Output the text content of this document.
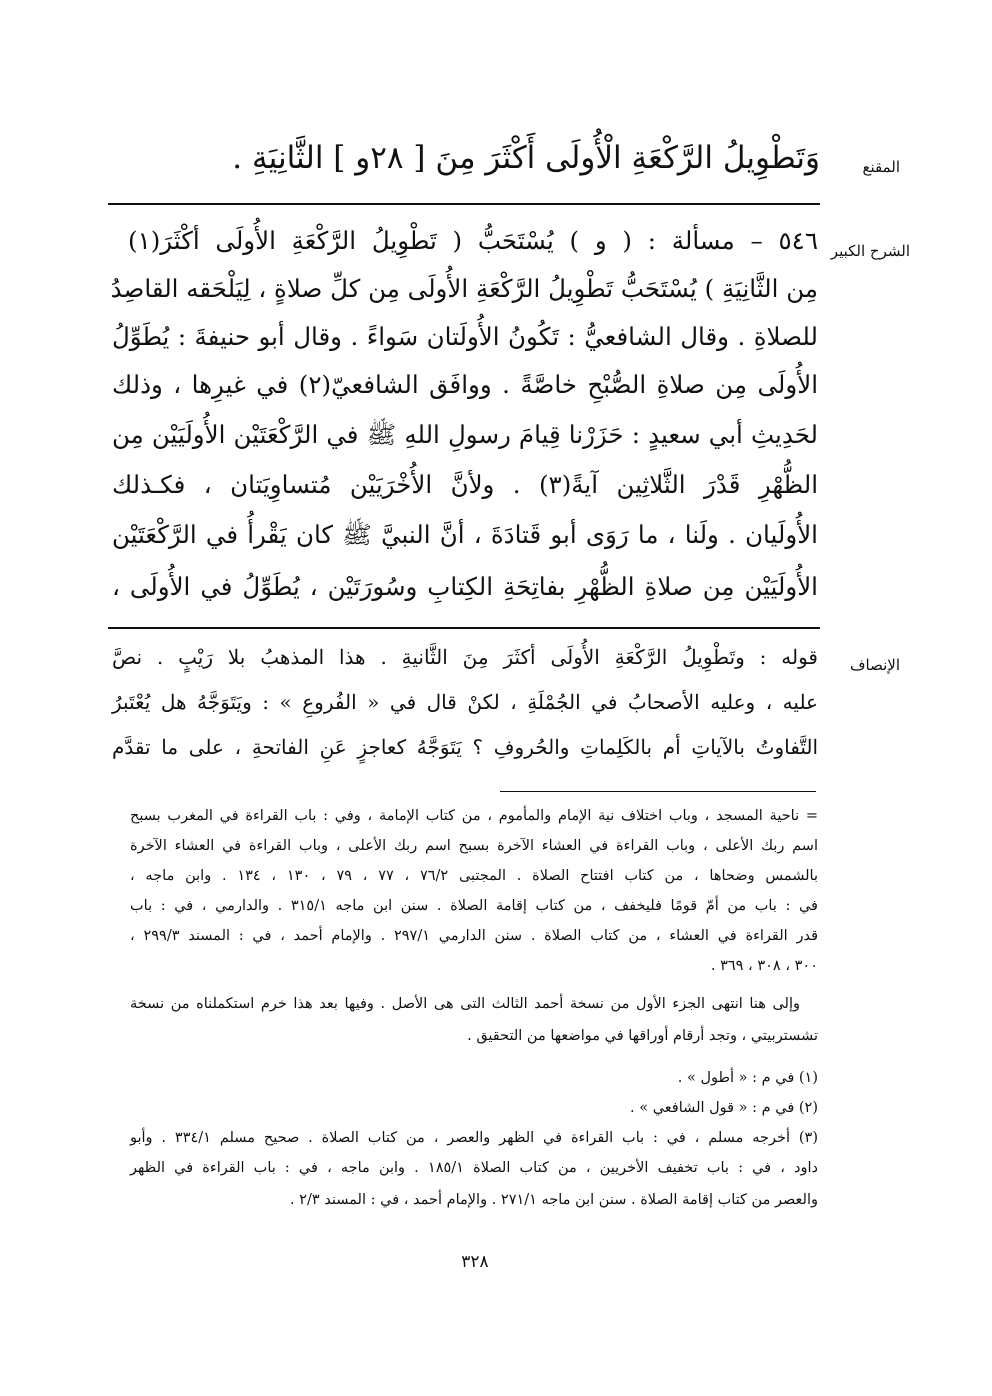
المقنع
وَتَطْوِيلُ الرَّكْعَةِ الْأُولَى أَكْثَرَ مِنَ [ ٢٨و ] الثَّانِيَةِ .
الشرح الكبير
٥٤٦ – مسألة : ( و ) يُسْتَحَبُّ ( تَطْوِيلُ الرَّكْعَةِ الأُولَى أكْثَرَ(١)
مِن الثَّانِيَةِ ) يُسْتَحَبُّ تَطْوِيلُ الرَّكْعَةِ الأُولَى مِن كلِّ صلاةٍ ، لِيَلْحَقه القاصِدُ
للصلاةِ . وقال الشافعيُّ : تَكُونُ الأُولَتان سَواءً . وقال أبو حنيفةَ : يُطَوِّلُ
الأُولَى مِن صلاةِ الصُّبْحِ خاصَّةً . ووافَق الشافعيّ(٢) في غيرِها ، وذلك
لحَدِيثِ أبي سعيدٍ : حَزَرْنا قِيامَ رسولِ اللهِ ﷺ في الرَّكْعَتَيْن الأُولَيَيْن مِن
الظُّهْرِ قَدْرَ الثَّلاثِين آيةً(٣) . ولأنَّ الأُخْرَيَيْن مُتساوِيَتان ، فكـذلك
الأُولَيان . ولَنا ، ما رَوَى أبو قَتادَةَ ، أنَّ النبيَّ ﷺ كان يَقْرأُ في الرَّكْعَتَيْن
الأُولَيَيْن مِن صلاةِ الظُّهْرِ بفاتِحَةِ الكِتابِ وسُورَتَيْن ، يُطَوِّلُ في الأُولَى ،
الإنصاف
قوله : وتَطْوِيلُ الرَّكْعَةِ الأُولَى أكثَرَ مِنَ الثَّانيةِ . هذا المذهبُ بلا رَيْبٍ . نصَّ
عليه ، وعليه الأصحابُ في الجُمْلَةِ ، لكنْ قال في « الفُروعِ » : ويَتَوَجَّهُ هل يُعْتَبرُ
التَّفاوتُ بالآياتِ أم بالكَلِماتِ والحُروفِ ؟ يَتَوَجَّهُ كعاجزٍ عَنِ الفاتحةِ ، على ما تقدَّم
= ناحية المسجد ، وباب اختلاف نية الإمام والمأموم ، من كتاب الإمامة ، وفي : باب القراءة في المغرب بسبح
اسم ربك الأعلى ، وباب القراءة في العشاء الآخرة بسبح اسم ربك الأعلى ، وباب القراءة في العشاء الآخرة
بالشمس وضحاها ، من كتاب افتتاح الصلاة . المجتبى ٧٦/٢ ، ٧٧ ، ٧٩ ، ١٣٠ ، ١٣٤ . وابن ماجه ،
في : باب من أمّ قومًا فليخفف ، من كتاب إقامة الصلاة . سنن ابن ماجه ٣١٥/١ . والدارمي ، في : باب
قدر القراءة في العشاء ، من كتاب الصلاة . سنن الدارمي ٢٩٧/١ . والإمام أحمد ، في : المسند ٢٩٩/٣ ،
٣٠٠ ، ٣٠٨ ، ٣٦٩ .
وإلى هنا انتهى الجزء الأول من نسخة أحمد الثالث التى هى الأصل . وفيها بعد هذا خرم استكملناه من نسخة
تشستربيتي ، وتجد أرقام أوراقها في مواضعها من التحقيق .
(١) في م : « أطول » .
(٢) في م : « قول الشافعي » .
(٣) أخرجه مسلم ، في : باب القراءة في الظهر والعصر ، من كتاب الصلاة . صحيح مسلم ٣٣٤/١ . وأبو
داود ، في : باب تخفيف الأخريين ، من كتاب الصلاة ١٨٥/١ . وابن ماجه ، في : باب القراءة في الظهر
والعصر من كتاب إقامة الصلاة . سنن ابن ماجه ٢٧١/١ . والإمام أحمد ، في : المسند ٢/٣ .
٣٢٨
